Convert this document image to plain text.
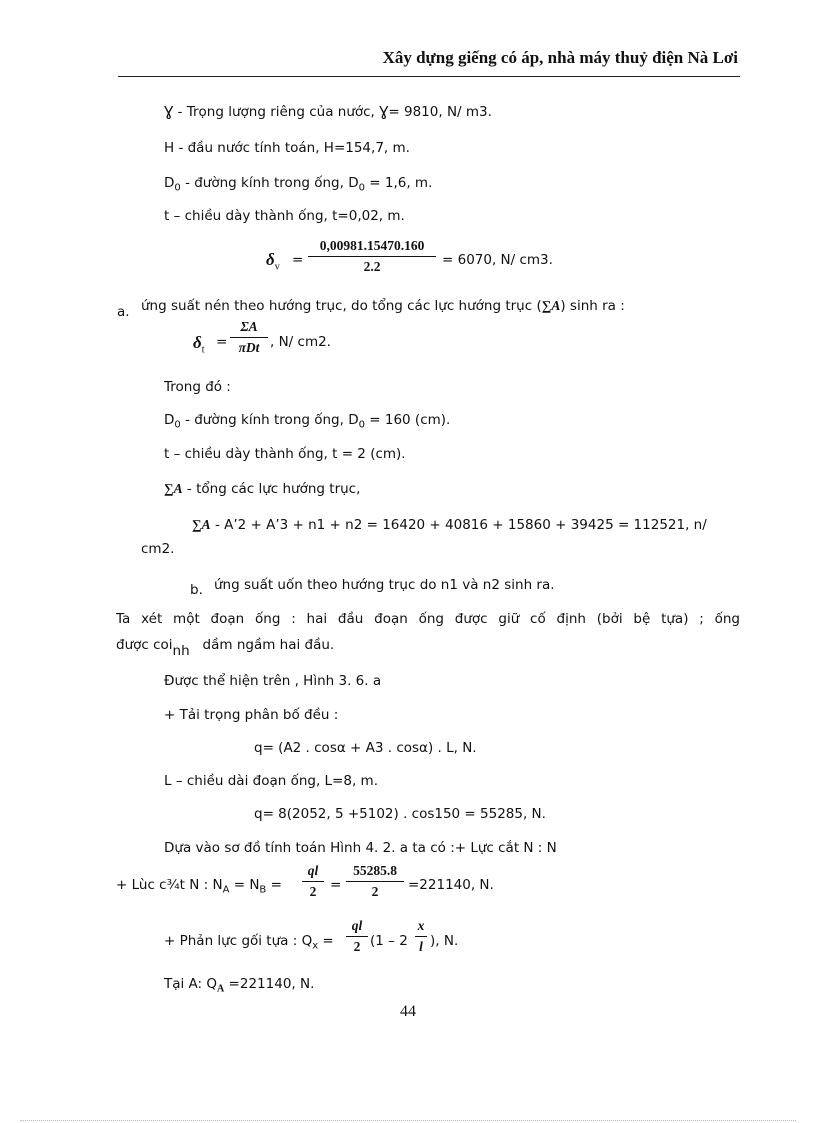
Xây dựng giếng có áp, nhà máy thuỷ điện Nà Lơi
Ɣ - Trọng lượng riêng của nước, Ɣ= 9810, N/ m3.
H - đầu nước tính toán, H=154,7, m.
$D_0$ - đường kính trong ống, $D_0 = 1,6$, m.
t – chiều dày thành ống, t=0,02, m.
$\delta_v$ =
0,00981.15470.160
2.2	= 6070, N/ cm3.
a. ứng suất nén theo hướng trục, do tổng các lực hướng trục (∑A) sinh ra :
$\delta_t$ =
ΣA
πDt , N/ cm2.
Trong đó :
$D_0$ - đường kính trong ống, $D_0 = 160$ (cm).
t – chiều dày thành ống, t = 2 (cm).
∑A - tổng các lực hướng trục,
∑A - A’2 + A’3 + n1 + n2 = 16420 + 40816 + 15860 + 39425 = 112521, n/
cm2.
b. ứng suất uốn theo hướng trục do n1 và n2 sinh ra.
Ta xét một đoạn ống : hai đầu đoạn ống được giữ cố định (bởi bệ tựa) ; ống
được coinh dầm ngầm hai đầu.
Được thể hiện trên , Hình 3. 6. a
+ Tải trọng phân bố đều :
q= (A2 . cosα + A3 . cosα) . L, N.
L – chiều dài đoạn ống, L=8, m.
q= 8(2052, 5 +5102) . cos150 = 55285, N.
Dựa vào sơ đồ tính toán Hình 4. 2. a ta có :+ Lực cắt N : N
+ Lùc c¾t N : $N_A = N_B$ =
ql
2	=
55285.8
2	=221140, N.
+ Phản lực gối tựa : $Q_x$ =
ql
2 (1 – 2
x
l ), N.
Tại A: $Q_A =221140$, N.
44
